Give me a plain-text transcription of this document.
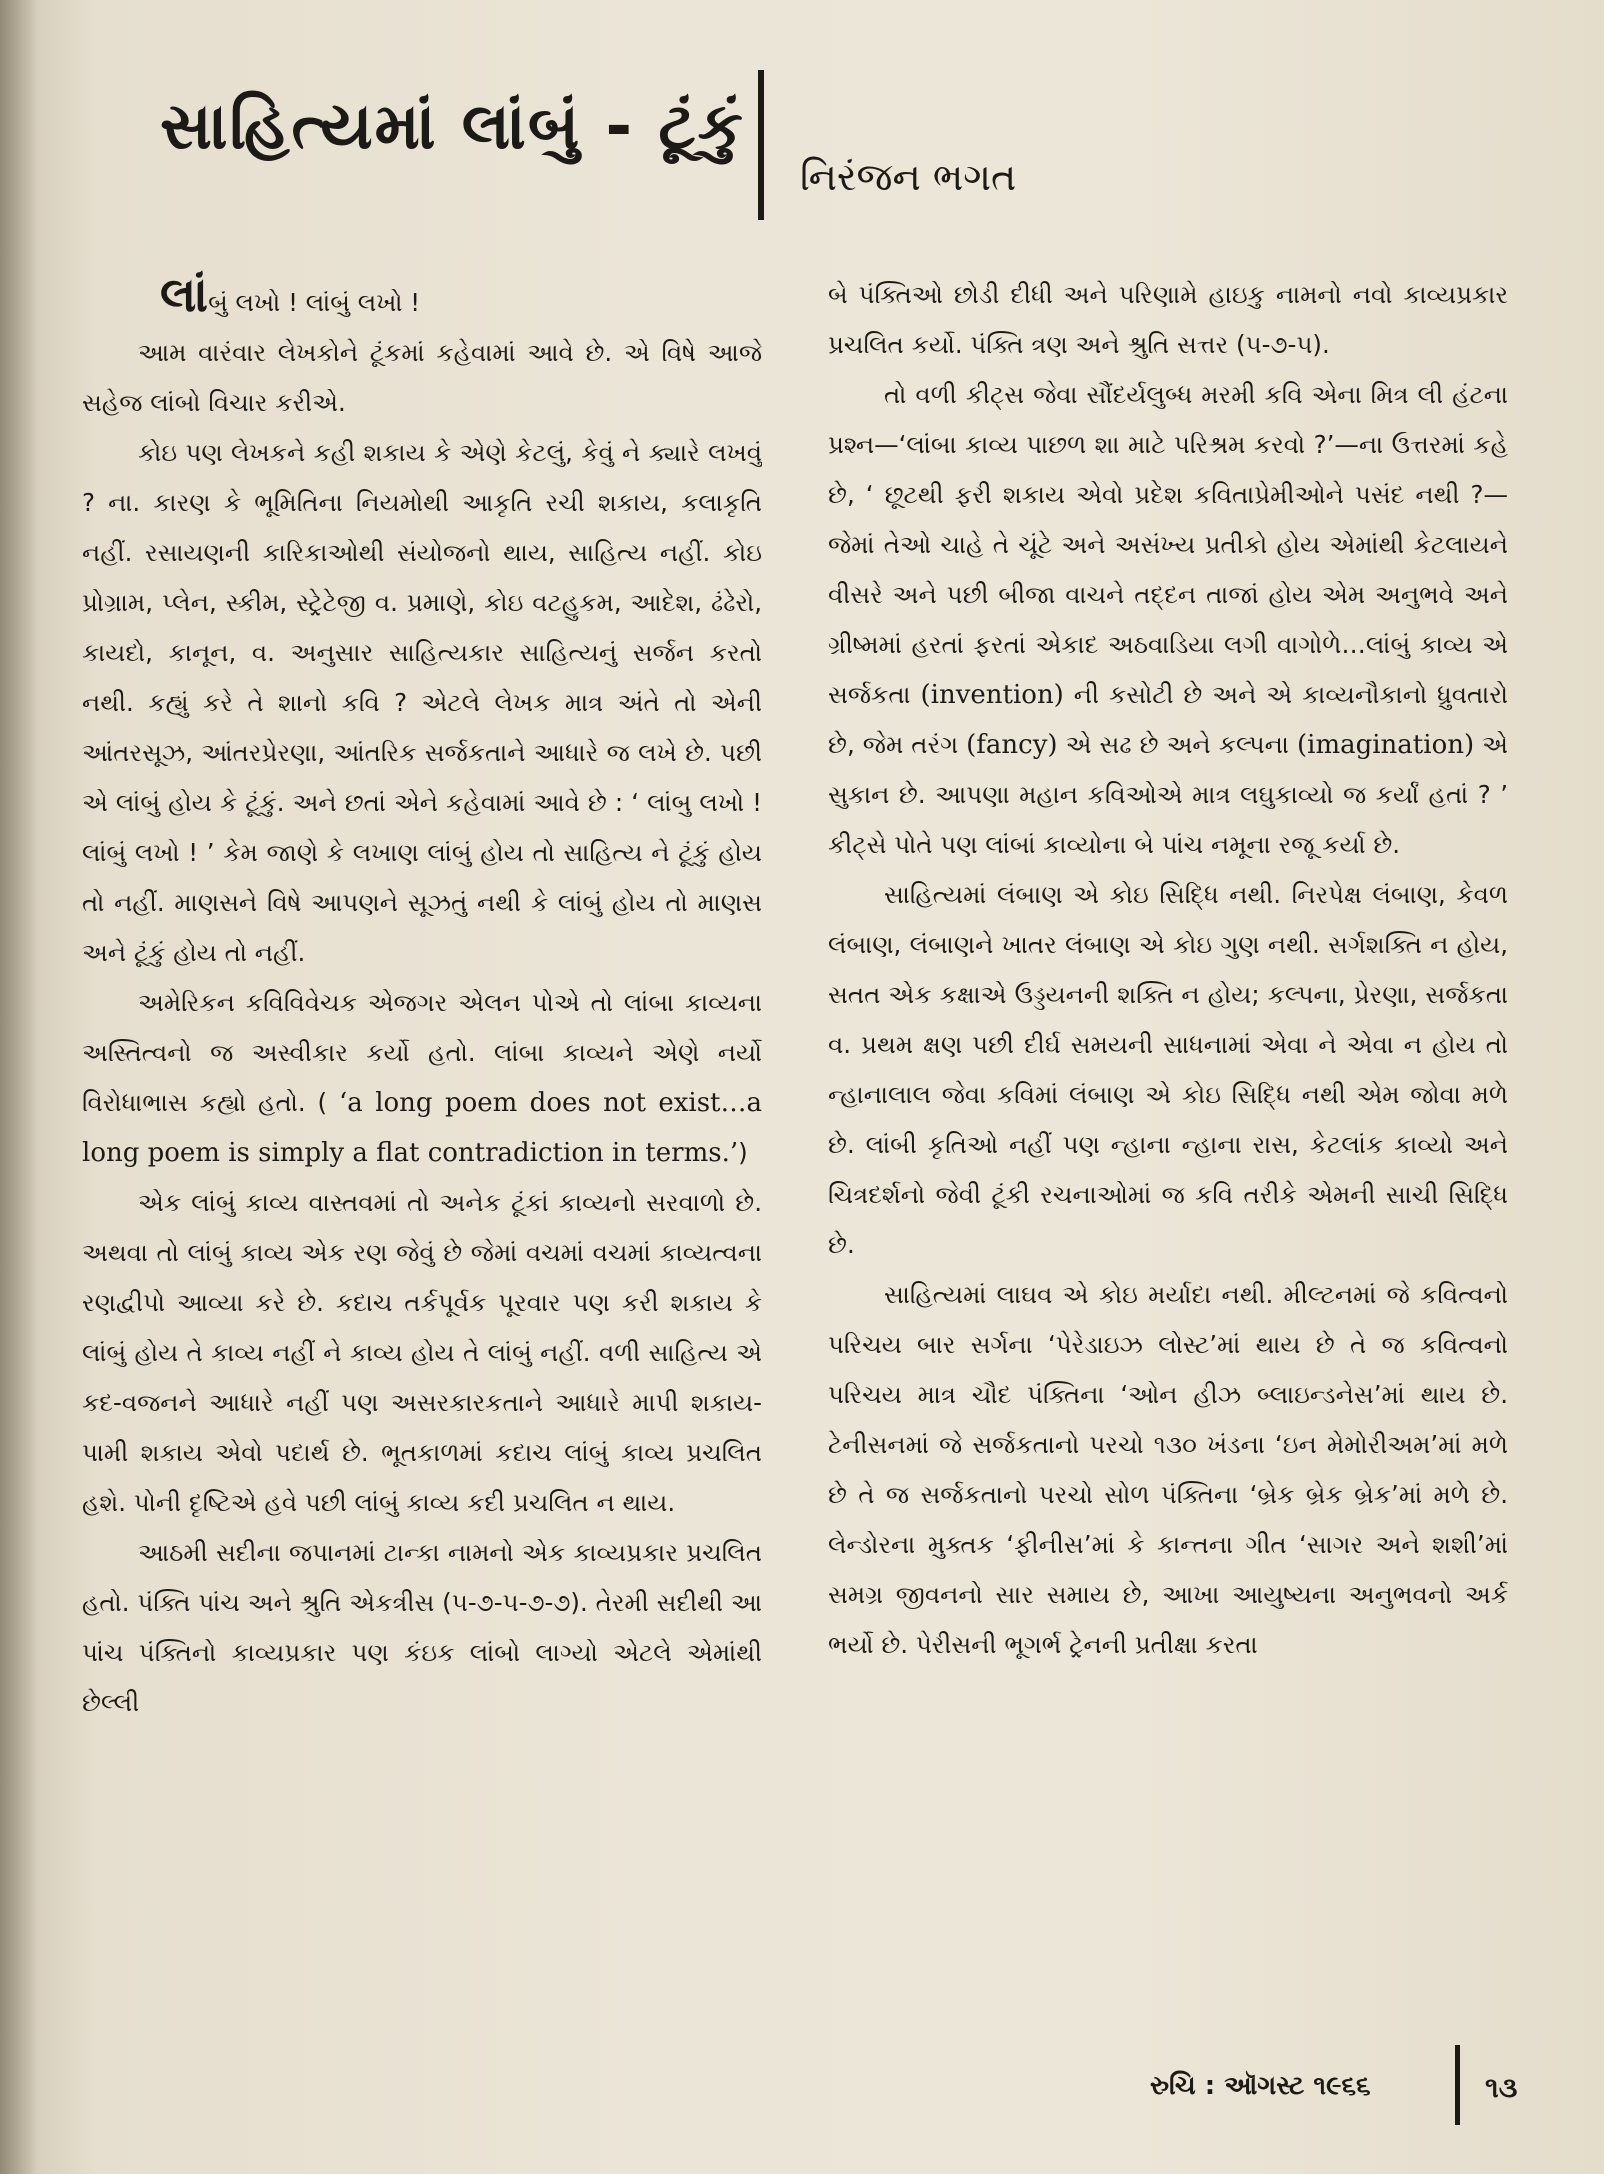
સાહિત્યમાં લાંબું - ટૂંકું

નિરંજન ભગત

લાંબું લખો ! લાંબું લખો !

આમ વારંવાર લેખકોને ટૂંકમાં કહેવામાં આવે છે. એ વિષે આજે સહેજ લાંબો વિચાર કરીએ.

કોઇ પણ લેખકને કહી શકાય કે એણે કેટલું, કેવું ને ક્યારે લખવું ? ના. કારણ કે ભૂમિતિના નિયમોથી આકૃતિ રચી શકાય, કલાકૃતિ નહીં. રસાયણની કારિકાઓથી સંયોજનો થાય, સાહિત્ય નહીં. કોઇ પ્રોગ્રામ, પ્લેન, સ્કીમ, સ્ટ્રેટેજી વ. પ્રમાણે, કોઇ વટહુકમ, આદેશ, ઢંઢેરો, કાયદો, કાનૂન, વ. અનુસાર સાહિત્યકાર સાહિત્યનું સર્જન કરતો નથી. કહ્યું કરે તે શાનો કવિ ? એટલે લેખક માત્ર અંતે તો એની આંતરસૂઝ, આંતરપ્રેરણા, આંતરિક સર્જકતાને આધારે જ લખે છે. પછી એ લાંબું હોય કે ટૂંકું. અને છતાં એને કહેવામાં આવે છે : ‘ લાંબુ લખો ! લાંબું લખો ! ’ કેમ જાણે કે લખાણ લાંબું હોય તો સાહિત્ય ને ટૂંકું હોય તો નહીં. માણસને વિષે આપણને સૂઝતું નથી કે લાંબું હોય તો માણસ અને ટૂંકું હોય તો નહીં.

અમેરિકન કવિવિવેચક એજગર એલન પોએ તો લાંબા કાવ્યના અસ્તિત્વનો જ અસ્વીકાર કર્યો હતો. લાંબા કાવ્યને એણે નર્યો વિરોધાભાસ કહ્યો હતો. ( ‘a long poem does not exist…a long poem is simply a flat contradiction in terms.’)

એક લાંબું કાવ્ય વાસ્તવમાં તો અનેક ટૂંકાં કાવ્યનો સરવાળો છે. અથવા તો લાંબું કાવ્ય એક રણ જેવું છે જેમાં વચમાં વચમાં કાવ્યત્વના રણદ્વીપો આવ્યા કરે છે. કદાચ તર્કપૂર્વક પૂરવાર પણ કરી શકાય કે લાંબું હોય તે કાવ્ય નહીં ને કાવ્ય હોય તે લાંબું નહીં. વળી સાહિત્ય એ કદ-વજનને આધારે નહીં પણ અસરકારકતાને આધારે માપી શકાય-પામી શકાય એવો પદાર્થ છે. ભૂતકાળમાં કદાચ લાંબું કાવ્ય પ્રચલિત હશે. પોની દૃષ્ટિએ હવે પછી લાંબું કાવ્ય કદી પ્રચલિત ન થાય.

આઠમી સદીના જપાનમાં ટાન્કા નામનો એક કાવ્યપ્રકાર પ્રચલિત હતો. પંક્તિ પાંચ અને શ્રુતિ એકત્રીસ (૫-૭-૫-૭-૭). તેરમી સદીથી આ પાંચ પંક્તિનો કાવ્યપ્રકાર પણ કંઇક લાંબો લાગ્યો એટલે એમાંથી છેલ્લી

બે પંક્તિઓ છોડી દીધી અને પરિણામે હાઇકુ નામનો નવો કાવ્યપ્રકાર પ્રચલિત કર્યો. પંક્તિ ત્રણ અને શ્રુતિ સત્તર (૫-૭-૫).

તો વળી કીટ્સ જેવા સૌંદર્યલુબ્ધ મરમી કવિ એના મિત્ર લી હંટના પ્રશ્ન—‘લાંબા કાવ્ય પાછળ શા માટે પરિશ્રમ કરવો ?’—ના ઉત્તરમાં કહે છે, ‘ છૂટથી ફરી શકાય એવો પ્રદેશ કવિતાપ્રેમીઓને પસંદ નથી ?—જેમાં તેઓ ચાહે તે ચૂંટે અને અસંખ્ય પ્રતીકો હોય એમાંથી કેટલાયને વીસરે અને પછી બીજા વાચને તદ્દન તાજાં હોય એમ અનુભવે અને ગ્રીષ્મમાં હરતાં ફરતાં એકાદ અઠવાડિયા લગી વાગોળે…લાંબું કાવ્ય એ સર્જકતા (invention) ની કસોટી છે અને એ કાવ્યનૌકાનો ધ્રુવતારો છે, જેમ તરંગ (fancy) એ સઢ છે અને કલ્પના (imagination) એ સુકાન છે. આપણા મહાન કવિઓએ માત્ર લઘુકાવ્યો જ કર્યાં હતાં ? ’ કીટ્સે પોતે પણ લાંબાં કાવ્યોના બે પાંચ નમૂના રજૂ કર્યા છે.

સાહિત્યમાં લંબાણ એ કોઇ સિદ્ધિ નથી. નિરપેક્ષ લંબાણ, કેવળ લંબાણ, લંબાણને ખાતર લંબાણ એ કોઇ ગુણ નથી. સર્ગશક્તિ ન હોય, સતત એક કક્ષાએ ઉડ્ડયનની શક્તિ ન હોય; કલ્પના, પ્રેરણા, સર્જકતા વ. પ્રથમ ક્ષણ પછી દીર્ઘ સમયની સાધનામાં એવા ને એવા ન હોય તો ન્હાનાલાલ જેવા કવિમાં લંબાણ એ કોઇ સિદ્ધિ નથી એમ જોવા મળે છે. લાંબી કૃતિઓ નહીં પણ ન્હાના ન્હાના રાસ, કેટલાંક કાવ્યો અને ચિત્રદર્શનો જેવી ટૂંકી રચનાઓમાં જ કવિ તરીકે એમની સાચી સિદ્ધિ છે.

સાહિત્યમાં લાઘવ એ કોઇ મર્યાદા નથી. મીલ્ટનમાં જે કવિત્વનો પરિચય બાર સર્ગના ‘પેરેડાઇઝ લોસ્ટ’માં થાય છે તે જ કવિત્વનો પરિચય માત્ર ચૌદ પંક્તિના ‘ઓન હીઝ બ્લાઇન્ડનેસ’માં થાય છે. ટેનીસનમાં જે સર્જકતાનો પરચો ૧૩૦ ખંડના ‘ઇન મેમોરીઅમ’માં મળે છે તે જ સર્જકતાનો પરચો સોળ પંક્તિના ‘બ્રેક બ્રેક બ્રેક’માં મળે છે. લેન્ડોરના મુક્તક ‘ફીનીસ’માં કે કાન્તના ગીત ‘સાગર અને શશી’માં સમગ્ર જીવનનો સાર સમાય છે, આખા આયુષ્યના અનુભવનો અર્ક ભર્યો છે. પેરીસની ભૂગર્ભ ટ્રેનની પ્રતીક્ષા કરતા

રુચિ : ઑગસ્ટ ૧૯૬૬	૧૩
